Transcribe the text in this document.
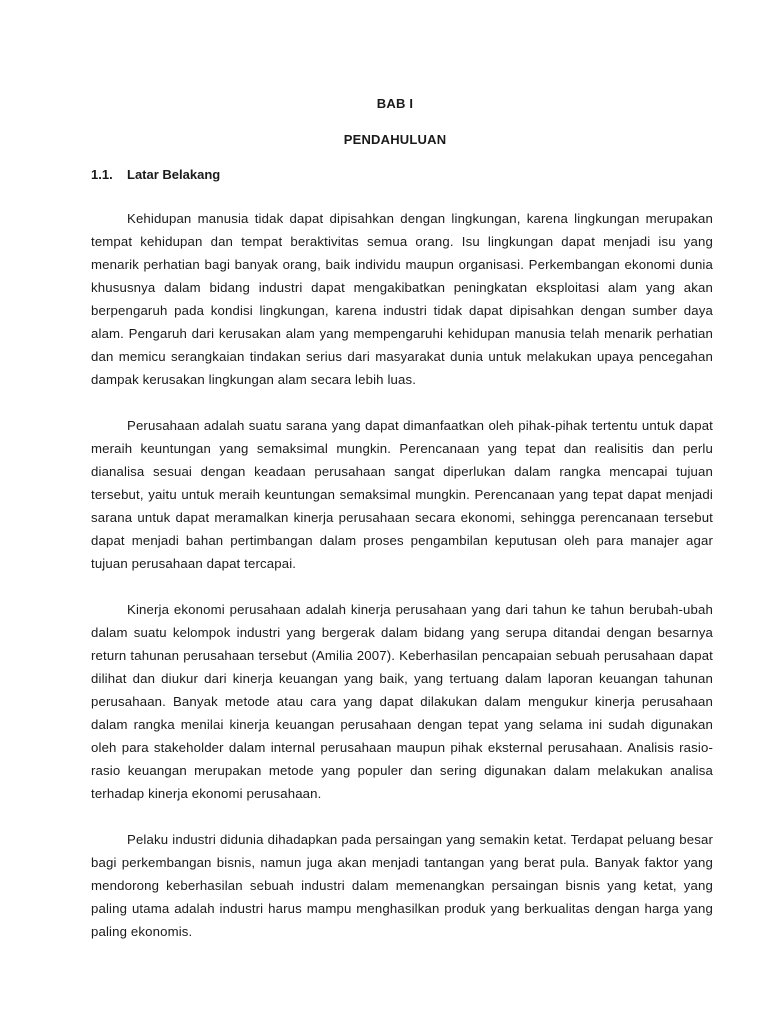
BAB I
PENDAHULUAN
1.1. Latar Belakang

Kehidupan manusia tidak dapat dipisahkan dengan lingkungan, karena lingkungan merupakan tempat kehidupan dan tempat beraktivitas semua orang. Isu lingkungan dapat menjadi isu yang menarik perhatian bagi banyak orang, baik individu maupun organisasi. Perkembangan ekonomi dunia khususnya dalam bidang industri dapat mengakibatkan peningkatan eksploitasi alam yang akan berpengaruh pada kondisi lingkungan, karena industri tidak dapat dipisahkan dengan sumber daya alam. Pengaruh dari kerusakan alam yang mempengaruhi kehidupan manusia telah menarik perhatian dan memicu serangkaian tindakan serius dari masyarakat dunia untuk melakukan upaya pencegahan dampak kerusakan lingkungan alam secara lebih luas.

Perusahaan adalah suatu sarana yang dapat dimanfaatkan oleh pihak-pihak tertentu untuk dapat meraih keuntungan yang semaksimal mungkin. Perencanaan yang tepat dan realisitis dan perlu dianalisa sesuai dengan keadaan perusahaan sangat diperlukan dalam rangka mencapai tujuan tersebut, yaitu untuk meraih keuntungan semaksimal mungkin. Perencanaan yang tepat dapat menjadi sarana untuk dapat meramalkan kinerja perusahaan secara ekonomi, sehingga perencanaan tersebut dapat menjadi bahan pertimbangan dalam proses pengambilan keputusan oleh para manajer agar tujuan perusahaan dapat tercapai.

Kinerja ekonomi perusahaan adalah kinerja perusahaan yang dari tahun ke tahun berubah-ubah dalam suatu kelompok industri yang bergerak dalam bidang yang serupa ditandai dengan besarnya return tahunan perusahaan tersebut (Amilia 2007). Keberhasilan pencapaian sebuah perusahaan dapat dilihat dan diukur dari kinerja keuangan yang baik, yang tertuang dalam laporan keuangan tahunan perusahaan. Banyak metode atau cara yang dapat dilakukan dalam mengukur kinerja perusahaan dalam rangka menilai kinerja keuangan perusahaan dengan tepat yang selama ini sudah digunakan oleh para stakeholder dalam internal perusahaan maupun pihak eksternal perusahaan. Analisis rasio-rasio keuangan merupakan metode yang populer dan sering digunakan dalam melakukan analisa terhadap kinerja ekonomi perusahaan.

Pelaku industri didunia dihadapkan pada persaingan yang semakin ketat. Terdapat peluang besar bagi perkembangan bisnis, namun juga akan menjadi tantangan yang berat pula. Banyak faktor yang mendorong keberhasilan sebuah industri dalam memenangkan persaingan bisnis yang ketat, yang paling utama adalah industri harus mampu menghasilkan produk yang berkualitas dengan harga yang paling ekonomis.
